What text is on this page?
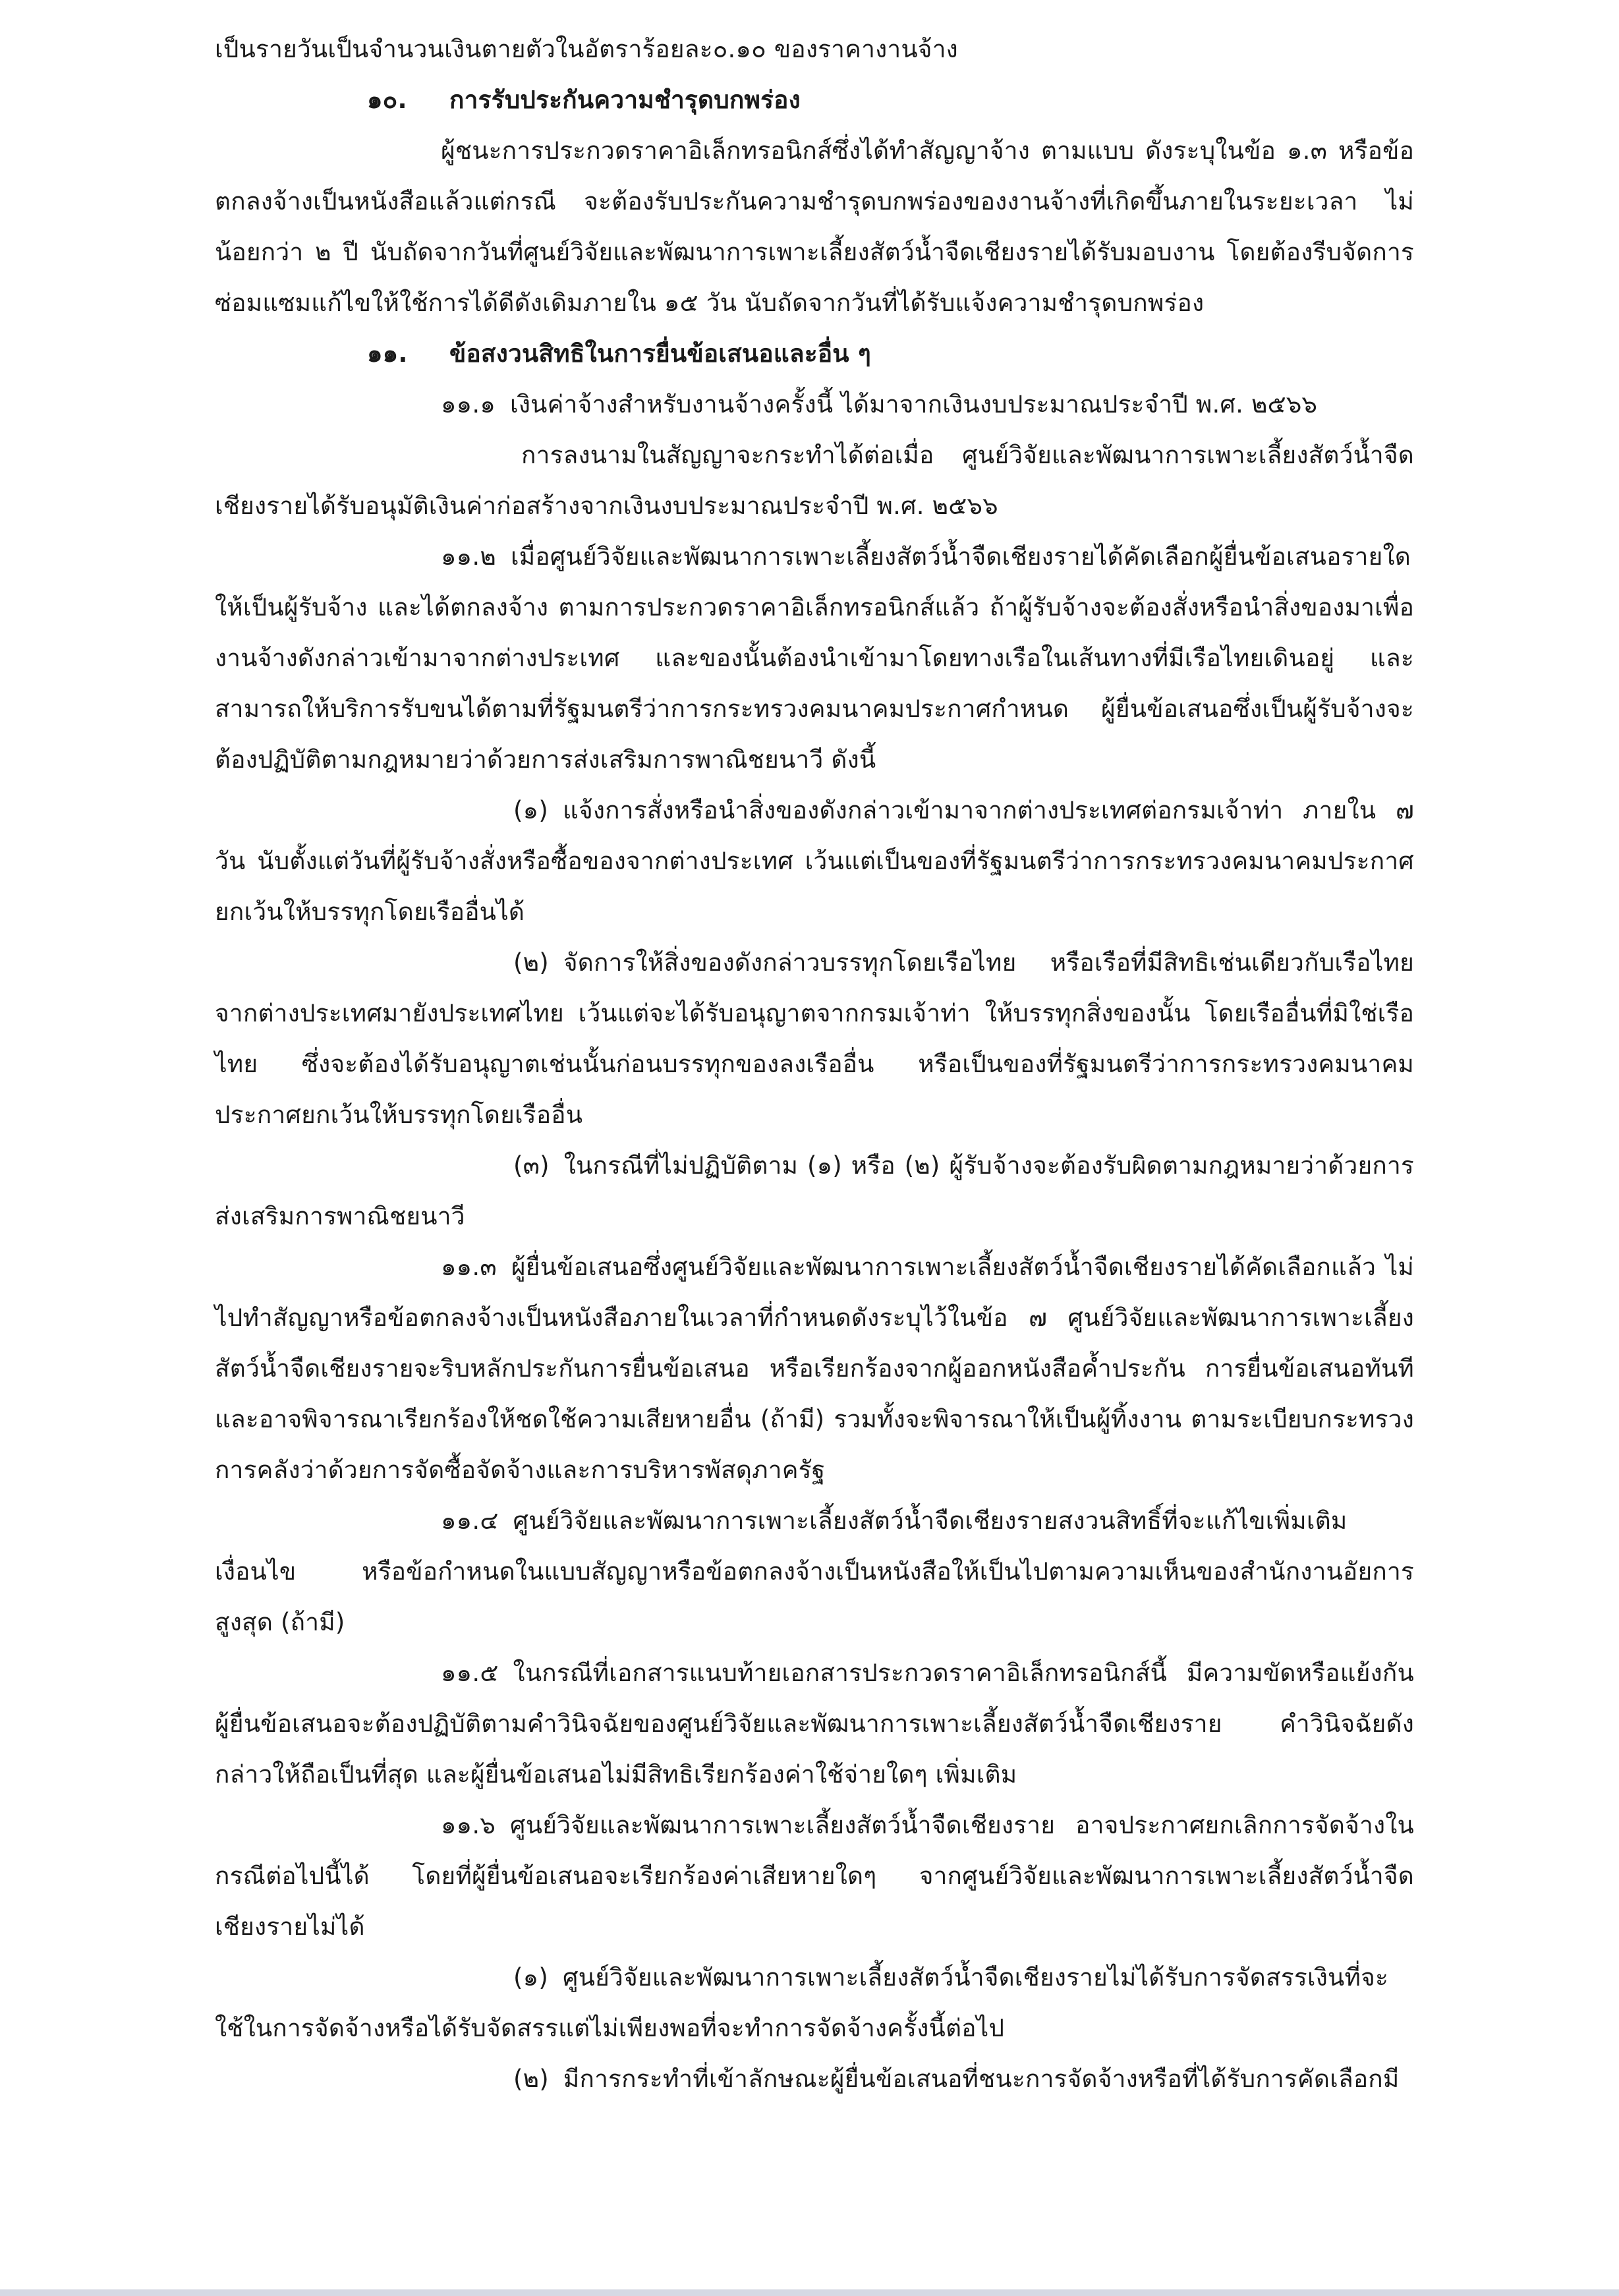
เป็นรายวันเป็นจำนวนเงินตายตัวในอัตราร้อยละ๐.๑๐ ของราคางานจ้าง

๑๐. การรับประกันความชำรุดบกพร่อง

ผู้ชนะการประกวดราคาอิเล็กทรอนิกส์ซึ่งได้ทำสัญญาจ้าง ตามแบบ ดังระบุในข้อ ๑.๓ หรือข้อตกลงจ้างเป็นหนังสือแล้วแต่กรณี จะต้องรับประกันความชำรุดบกพร่องของงานจ้างที่เกิดขึ้นภายในระยะเวลา ไม่น้อยกว่า ๒ ปี นับถัดจากวันที่ศูนย์วิจัยและพัฒนาการเพาะเลี้ยงสัตว์น้ำจืดเชียงรายได้รับมอบงาน โดยต้องรีบจัดการซ่อมแซมแก้ไขให้ใช้การได้ดีดังเดิมภายใน ๑๕ วัน นับถัดจากวันที่ได้รับแจ้งความชำรุดบกพร่อง

๑๑. ข้อสงวนสิทธิในการยื่นข้อเสนอและอื่น ๆ

๑๑.๑ เงินค่าจ้างสำหรับงานจ้างครั้งนี้ ได้มาจากเงินงบประมาณประจำปี พ.ศ. ๒๕๖๖

การลงนามในสัญญาจะกระทำได้ต่อเมื่อ ศูนย์วิจัยและพัฒนาการเพาะเลี้ยงสัตว์น้ำจืดเชียงรายได้รับอนุมัติเงินค่าก่อสร้างจากเงินงบประมาณประจำปี พ.ศ. ๒๕๖๖

๑๑.๒ เมื่อศูนย์วิจัยและพัฒนาการเพาะเลี้ยงสัตว์น้ำจืดเชียงรายได้คัดเลือกผู้ยื่นข้อเสนอรายใดให้เป็นผู้รับจ้าง และได้ตกลงจ้าง ตามการประกวดราคาอิเล็กทรอนิกส์แล้ว ถ้าผู้รับจ้างจะต้องสั่งหรือนำสิ่งของมาเพื่องานจ้างดังกล่าวเข้ามาจากต่างประเทศ และของนั้นต้องนำเข้ามาโดยทางเรือในเส้นทางที่มีเรือไทยเดินอยู่ และสามารถให้บริการรับขนได้ตามที่รัฐมนตรีว่าการกระทรวงคมนาคมประกาศกำหนด ผู้ยื่นข้อเสนอซึ่งเป็นผู้รับจ้างจะต้องปฏิบัติตามกฎหมายว่าด้วยการส่งเสริมการพาณิชยนาวี ดังนี้

(๑) แจ้งการสั่งหรือนำสิ่งของดังกล่าวเข้ามาจากต่างประเทศต่อกรมเจ้าท่า ภายใน ๗ วัน นับตั้งแต่วันที่ผู้รับจ้างสั่งหรือซื้อของจากต่างประเทศ เว้นแต่เป็นของที่รัฐมนตรีว่าการกระทรวงคมนาคมประกาศยกเว้นให้บรรทุกโดยเรืออื่นได้

(๒) จัดการให้สิ่งของดังกล่าวบรรทุกโดยเรือไทย หรือเรือที่มีสิทธิเช่นเดียวกับเรือไทยจากต่างประเทศมายังประเทศไทย เว้นแต่จะได้รับอนุญาตจากกรมเจ้าท่า ให้บรรทุกสิ่งของนั้น โดยเรืออื่นที่มิใช่เรือไทย ซึ่งจะต้องได้รับอนุญาตเช่นนั้นก่อนบรรทุกของลงเรืออื่น หรือเป็นของที่รัฐมนตรีว่าการกระทรวงคมนาคมประกาศยกเว้นให้บรรทุกโดยเรืออื่น

(๓) ในกรณีที่ไม่ปฏิบัติตาม (๑) หรือ (๒) ผู้รับจ้างจะต้องรับผิดตามกฎหมายว่าด้วยการส่งเสริมการพาณิชยนาวี

๑๑.๓ ผู้ยื่นข้อเสนอซึ่งศูนย์วิจัยและพัฒนาการเพาะเลี้ยงสัตว์น้ำจืดเชียงรายได้คัดเลือกแล้ว ไม่ไปทำสัญญาหรือข้อตกลงจ้างเป็นหนังสือภายในเวลาที่กำหนดดังระบุไว้ในข้อ ๗ ศูนย์วิจัยและพัฒนาการเพาะเลี้ยงสัตว์น้ำจืดเชียงรายจะริบหลักประกันการยื่นข้อเสนอ หรือเรียกร้องจากผู้ออกหนังสือค้ำประกัน การยื่นข้อเสนอทันทีและอาจพิจารณาเรียกร้องให้ชดใช้ความเสียหายอื่น (ถ้ามี) รวมทั้งจะพิจารณาให้เป็นผู้ทิ้งงาน ตามระเบียบกระทรวงการคลังว่าด้วยการจัดซื้อจัดจ้างและการบริหารพัสดุภาครัฐ

๑๑.๔ ศูนย์วิจัยและพัฒนาการเพาะเลี้ยงสัตว์น้ำจืดเชียงรายสงวนสิทธิ์ที่จะแก้ไขเพิ่มเติมเงื่อนไข หรือข้อกำหนดในแบบสัญญาหรือข้อตกลงจ้างเป็นหนังสือให้เป็นไปตามความเห็นของสำนักงานอัยการสูงสุด (ถ้ามี)

๑๑.๕ ในกรณีที่เอกสารแนบท้ายเอกสารประกวดราคาอิเล็กทรอนิกส์นี้ มีความขัดหรือแย้งกัน ผู้ยื่นข้อเสนอจะต้องปฏิบัติตามคำวินิจฉัยของศูนย์วิจัยและพัฒนาการเพาะเลี้ยงสัตว์น้ำจืดเชียงราย คำวินิจฉัยดังกล่าวให้ถือเป็นที่สุด และผู้ยื่นข้อเสนอไม่มีสิทธิเรียกร้องค่าใช้จ่ายใดๆ เพิ่มเติม

๑๑.๖ ศูนย์วิจัยและพัฒนาการเพาะเลี้ยงสัตว์น้ำจืดเชียงราย อาจประกาศยกเลิกการจัดจ้างในกรณีต่อไปนี้ได้ โดยที่ผู้ยื่นข้อเสนอจะเรียกร้องค่าเสียหายใดๆ จากศูนย์วิจัยและพัฒนาการเพาะเลี้ยงสัตว์น้ำจืดเชียงรายไม่ได้

(๑) ศูนย์วิจัยและพัฒนาการเพาะเลี้ยงสัตว์น้ำจืดเชียงรายไม่ได้รับการจัดสรรเงินที่จะใช้ในการจัดจ้างหรือได้รับจัดสรรแต่ไม่เพียงพอที่จะทำการจัดจ้างครั้งนี้ต่อไป

(๒) มีการกระทำที่เข้าลักษณะผู้ยื่นข้อเสนอที่ชนะการจัดจ้างหรือที่ได้รับการคัดเลือกมี
